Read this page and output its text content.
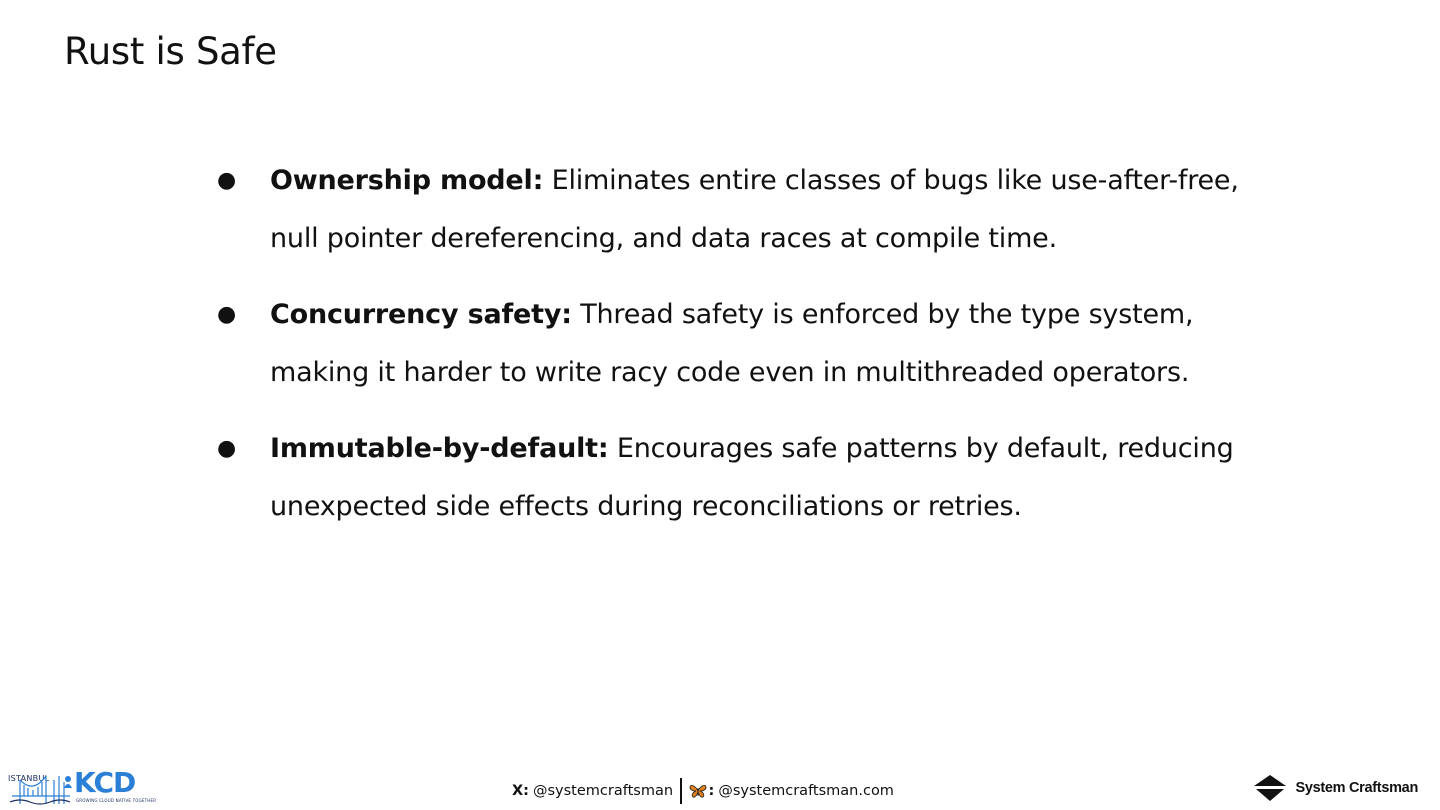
Rust is Safe
● Ownership model: Eliminates entire classes of bugs like use-after-free, null pointer dereferencing, and data races at compile time.
● Concurrency safety: Thread safety is enforced by the type system, making it harder to write racy code even in multithreaded operators.
● Immutable-by-default: Encourages safe patterns by default, reducing unexpected side effects during reconciliations or retries.
ISTANBUL KCD
GROWING CLOUD NATIVE TOGETHER
X: @systemcraftsman : @systemcraftsman.com	System Craftsman
